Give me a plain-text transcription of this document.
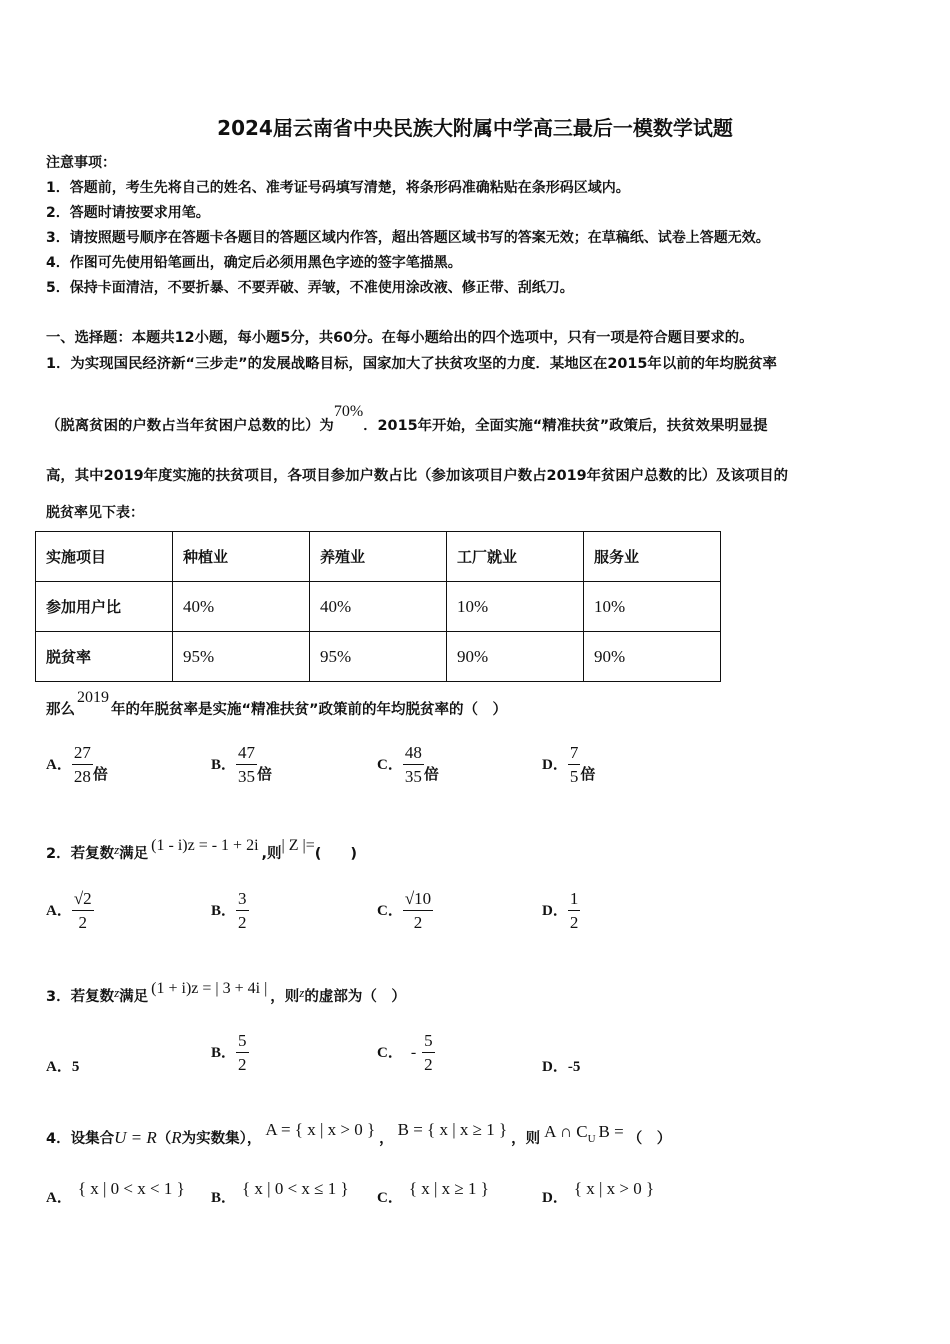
2024届云南省中央民族大附属中学高三最后一模数学试题
注意事项：
1．答题前，考生先将自己的姓名、准考证号码填写清楚，将条形码准确粘贴在条形码区域内。
2．答题时请按要求用笔。
3．请按照题号顺序在答题卡各题目的答题区域内作答，超出答题区域书写的答案无效；在草稿纸、试卷上答题无效。
4．作图可先使用铅笔画出，确定后必须用黑色字迹的签字笔描黑。
5．保持卡面清洁，不要折暴、不要弄破、弄皱，不准使用涂改液、修正带、刮纸刀。
一、选择题：本题共12小题，每小题5分，共60分。在每小题给出的四个选项中，只有一项是符合题目要求的。
1．为实现国民经济新“三步走”的发展战略目标，国家加大了扶贫攻坚的力度．某地区在2015年以前的年均脱贫率
（脱离贫困的户数占当年贫困户总数的比）为70%．2015年开始，全面实施“精准扶贫”政策后，扶贫效果明显提
高，其中2019年度实施的扶贫项目，各项目参加户数占比（参加该项目户数占2019年贫困户总数的比）及该项目的
脱贫率见下表：
实施项目	种植业	养殖业	工厂就业	服务业
参加用户比	40%	40%	10%	10%
脱贫率	95%	95%	90%	90%
那么2019年的年脱贫率是实施“精准扶贫”政策前的年均脱贫率的（　）
A． $\frac{27}{28}$ 倍	B． $\frac{47}{35}$ 倍	C． $\frac{48}{35}$ 倍	D． $\frac{7}{5}$ 倍
2．若复数z满足 (1 - i)z = - 1 + 2i ,则| Z |=(　　)
A． $\frac{√2}{2}$	B． $\frac{3}{2}$	C． $\frac{√10}{2}$	D． $\frac{1}{2}$
3．若复数z满足 (1 + i)z = | 3 + 4i | ，则z的虚部为（　）
A．5
B． $\frac{5}{2}$	C． - $\frac{5}{2}$	D．-5
4．设集合U = R（R为实数集）， A = { x | x > 0 } ， B = { x | x ≥ 1 } ，则 A ∩ CU B = （　）
A． { x | 0 < x < 1 } B． { x | 0 < x ≤ 1 } C． { x | x ≥ 1 }	D． { x | x > 0 }
